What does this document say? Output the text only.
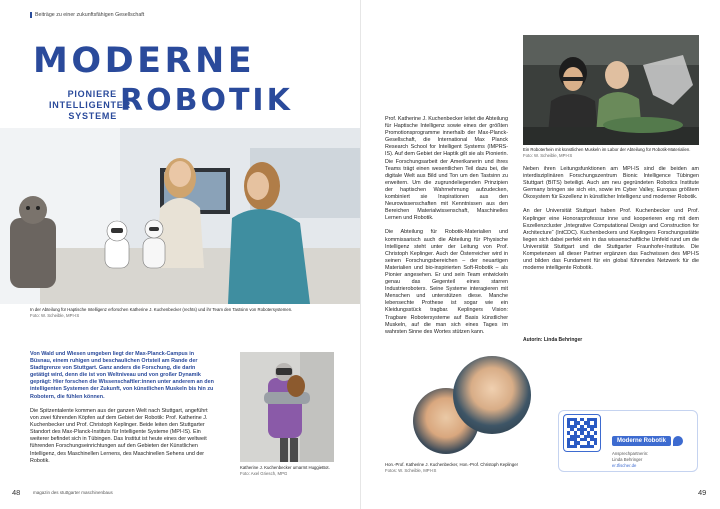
Beiträge zu einer zukunftsfähigen Gesellschaft
MODERNE
PIONIERE
INTELLIGENTER
SYSTEME ROBOTIK
In der Abteilung für Haptische Intelligenz erforschen Katherine J. Kuchenbecker (rechts) und ihr Team den Tastsinn von Robotersystemen.
Foto: W. Scheible, MPI-IS
Von Wald und Wiesen umgeben liegt der Max-Planck-Campus in Büsnau, einem ruhigen und beschaulichen Ortsteil am Rande der Stadtgrenze von Stuttgart. Ganz anders die Forschung, die darin getätigt wird, denn die ist von Weltniveau und von großer Dynamik geprägt: Hier forschen die Wissenschaftler:innen unter anderem an den intelligenten Systemen der Zukunft, von künstlichen Muskeln bis hin zu Robotern, die fühlen können.
Die Spitzentalente kommen aus der ganzen Welt nach Stuttgart, angeführt von zwei führenden Köpfen auf dem Gebiet der Robotik: Prof. Katherine J. Kuchenbecker und Prof. Christoph Keplinger. Beide leiten den Stuttgarter Standort des Max-Planck-Instituts für Intelligente Systeme (MPI-IS). Ein weiterer befindet sich in Tübingen. Das Institut ist heute eines der weltweit führenden Forschungseinrichtungen auf den Gebieten der Künstlichen Intelligenz, des Maschinellen Lernens, des Maschinellen Sehens und der Robotik.
Katherine J. Kuchenbecker umarmt HuggieBot.
Foto: Axel Griesch, MPG
48	magazin des stuttgarter maschinenbaus

Prof. Katherine J. Kuchenbecker leitet die Abteilung für Haptische Intelligenz sowie eines der größten Promotionsprogramme innerhalb der Max-Planck-Gesellschaft, die International Max Planck Research School for Intelligent Systems (IMPRS-IS). Auf dem Gebiet der Haptik gilt sie als Pionierin. Die Forschungsarbeit der Amerikanerin und ihres Teams trägt einen wesentlichen Teil dazu bei, die digitale Welt aus Bild und Ton um den Tastsinn zu erweitern. Um die zugrundeliegenden Prinzipien der haptischen Wahrnehmung aufzudecken, kombiniert sie Inspirationen aus den Neurowissenschaften mit Kenntnissen aus den Bereichen Materialwissenschaft, Maschinelles Lernen und Robotik.

Die Abteilung für Robotik-Materialien und kommissarisch auch die Abteilung für Physische Intelligenz steht unter der Leitung von Prof. Christoph Keplinger. Auch der Österreicher wird in seinen Forschungsbereichen – der neuartigen Materialien und bio-inspirierten Soft-Robotik – als Pionier angesehen. Er und sein Team entwickeln genau das Gegenteil eines starren Industrieroboters. Seine Systeme interagieren mit Menschen und unterstützen diese. Manche lebensechte Prothese ist sogar wie ein Kleidungsstück tragbar. Keplingers Vision: Tragbare Robotersysteme auf Basis künstlicher Muskeln, auf die man sich eines Tages im wahrsten Sinne des Wortes stützen kann.

Ein Roboterhein mit künstlichen Muskeln im Labor der Abteilung für Robotik-Materialien. Foto: W. Scheible, MPI-IS

Neben ihren Leitungsfunktionen am MPI-IS sind die beiden am interdisziplinären Forschungszentrum Bionic Intelligence Tübingen Stuttgart (BITS) beteiligt. Auch am neu gegründeten Robotics Institute Germany bringen sie sich ein, sowie im Cyber Valley, Europas größtem Ökosystem für Exzellenz in künstlicher Intelligenz und moderner Robotik.

An der Universität Stuttgart haben Prof. Kuchenbecker und Prof. Keplinger eine Honorarprofessur inne und kooperieren eng mit dem Exzellenzcluster „Integrative Computational Design and Construction for Architecture“ (IntCDC). Kuchenbeckers und Keplingers Forschungsstätte liegen sich dabei perfekt ein in das wissenschaftliche Umfeld rund um die Universität Stuttgart und die Stuttgarter Fraunhofer-Institute. Die Kompetenzen all dieser Partner ergänzen das Fachwissen des MPI-IS und bilden das Fundament für ein global führendes Netzwerk für die moderne intelligente Robotik.

Autorin: Linda Behringer
Hon.-Prof. Katherine J. Kuchenbecker, Hon.-Prof. Christoph Keplinger
Fotos: W. Scheible, MPI-IS
Moderne Robotik
Ansprechpartnerin:
Linda Behringer
er.tfischer.de
49
